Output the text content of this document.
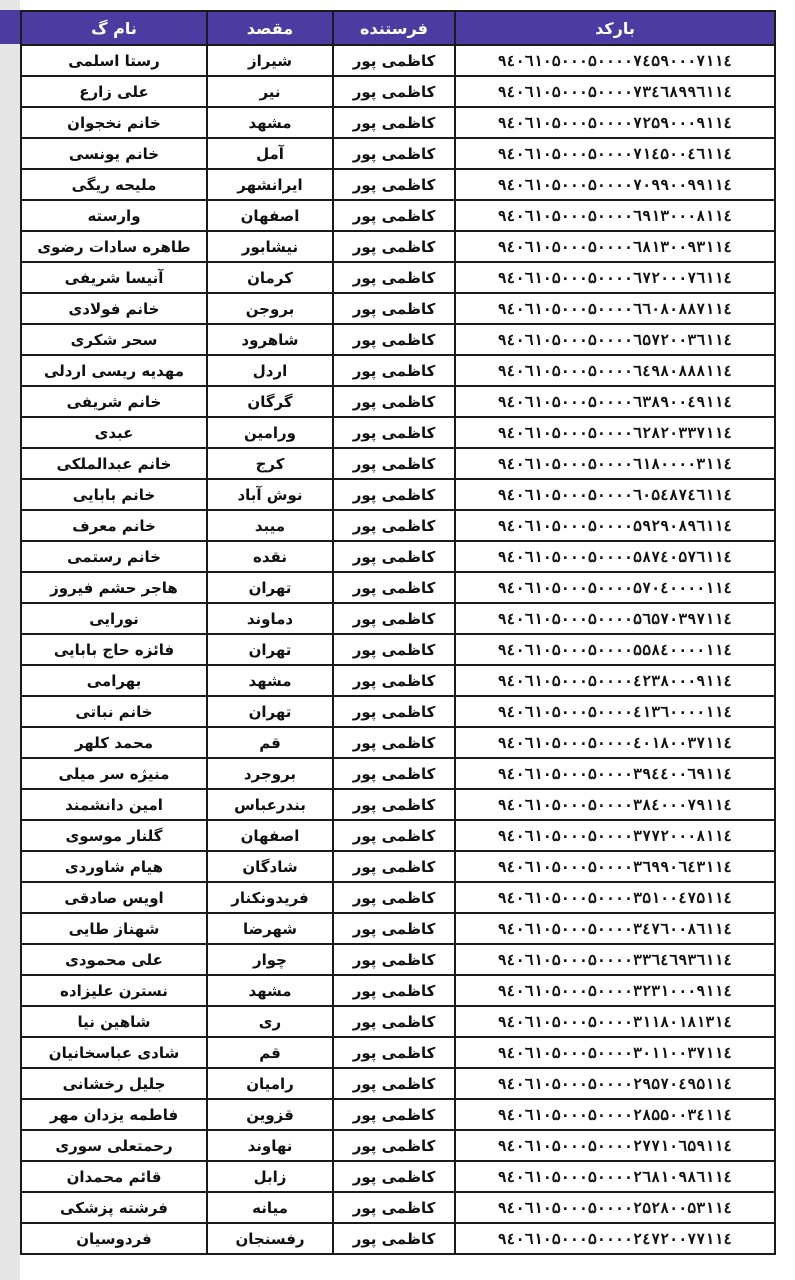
بارکد	فرستنده	مقصد	نام گ
۹٤۰٦۱۰۵۰۰۰۵۰۰۰۰۷٤۵۹۰۰۰۷۱۱٤	کاظمی پور	شیراز	رستا اسلمی
۹٤۰٦۱۰۵۰۰۰۵۰۰۰۰۷۳٤٦۸۹۹٦۱۱٤	کاظمی پور	نیر	علی زارع
۹٤۰٦۱۰۵۰۰۰۵۰۰۰۰۷۲۵۹۰۰۰۹۱۱٤	کاظمی پور	مشهد	خانم نخجوان
۹٤۰٦۱۰۵۰۰۰۵۰۰۰۰۷۱٤۵۰۰٤٦۱۱٤	کاظمی پور	آمل	خانم یونسی
۹٤۰٦۱۰۵۰۰۰۵۰۰۰۰۷۰۹۹۰۰۹۹۱۱٤	کاظمی پور	ایرانشهر	ملیحه ریگی
۹٤۰٦۱۰۵۰۰۰۵۰۰۰۰٦۹۱۳۰۰۰۸۱۱٤	کاظمی پور	اصفهان	وارسته
۹٤۰٦۱۰۵۰۰۰۵۰۰۰۰٦۸۱۳۰۰۹۳۱۱٤	کاظمی پور	نیشابور	طاهره سادات رضوی
۹٤۰٦۱۰۵۰۰۰۵۰۰۰۰٦۷۲۰۰۰۷٦۱۱٤	کاظمی پور	کرمان	آنیسا شریفی
۹٤۰٦۱۰۵۰۰۰۵۰۰۰۰٦٦۰۸۰۸۸۷۱۱٤	کاظمی پور	بروجن	خانم فولادی
۹٤۰٦۱۰۵۰۰۰۵۰۰۰۰٦۵۷۲۰۰۳٦۱۱٤	کاظمی پور	شاهرود	سحر شکری
۹٤۰٦۱۰۵۰۰۰۵۰۰۰۰٦٤۹۸۰۸۸۸۱۱٤	کاظمی پور	اردل	مهدیه ریسی اردلی
۹٤۰٦۱۰۵۰۰۰۵۰۰۰۰٦۳۸۹۰۰٤۹۱۱٤	کاظمی پور	گرگان	خانم شریفی
۹٤۰٦۱۰۵۰۰۰۵۰۰۰۰٦۲۸۲۰۳۳۷۱۱٤	کاظمی پور	ورامین	عبدی
۹٤۰٦۱۰۵۰۰۰۵۰۰۰۰٦۱۸۰۰۰۰۳۱۱٤	کاظمی پور	کرج	خانم عبدالملکی
۹٤۰٦۱۰۵۰۰۰۵۰۰۰۰٦۰۵٤۸۷٤٦۱۱٤	کاظمی پور	نوش آباد	خانم بابایی
۹٤۰٦۱۰۵۰۰۰۵۰۰۰۰۵۹۲۹۰۸۹٦۱۱٤	کاظمی پور	میبد	خانم معرف
۹٤۰٦۱۰۵۰۰۰۵۰۰۰۰۵۸۷٤۰۵۷٦۱۱٤	کاظمی پور	نقده	خانم رستمی
۹٤۰٦۱۰۵۰۰۰۵۰۰۰۰۵۷۰٤۰۰۰۰۱۱٤	کاظمی پور	تهران	هاجر حشم فیروز
۹٤۰٦۱۰۵۰۰۰۵۰۰۰۰۵٦۵۷۰۳۹۷۱۱٤	کاظمی پور	دماوند	نورایی
۹٤۰٦۱۰۵۰۰۰۵۰۰۰۰۵۵۸٤۰۰۰۰۱۱٤	کاظمی پور	تهران	فائزه حاج بابایی
۹٤۰٦۱۰۵۰۰۰۵۰۰۰۰٤۲۳۸۰۰۰۹۱۱٤	کاظمی پور	مشهد	بهرامی
۹٤۰٦۱۰۵۰۰۰۵۰۰۰۰٤۱۳٦۰۰۰۰۱۱٤	کاظمی پور	تهران	خانم نباتی
۹٤۰٦۱۰۵۰۰۰۵۰۰۰۰٤۰۱۸۰۰۳۷۱۱٤	کاظمی پور	قم	محمد کلهر
۹٤۰٦۱۰۵۰۰۰۵۰۰۰۰۳۹٤٤۰۰٦۹۱۱٤	کاظمی پور	بروجرد	منیژه سر میلی
۹٤۰٦۱۰۵۰۰۰۵۰۰۰۰۳۸٤۰۰۰۷۹۱۱٤	کاظمی پور	بندرعباس	امین دانشمند
۹٤۰٦۱۰۵۰۰۰۵۰۰۰۰۳۷۷۲۰۰۰۸۱۱٤	کاظمی پور	اصفهان	گلنار موسوی
۹٤۰٦۱۰۵۰۰۰۵۰۰۰۰۳٦۹۹۰٦٤۳۱۱٤	کاظمی پور	شادگان	هیام شاوردی
۹٤۰٦۱۰۵۰۰۰۵۰۰۰۰۳۵۱۰۰٤۷۵۱۱٤	کاظمی پور	فریدونکنار	اویس صادقی
۹٤۰٦۱۰۵۰۰۰۵۰۰۰۰۳٤۷٦۰۰۸٦۱۱٤	کاظمی پور	شهرضا	شهناز طایی
۹٤۰٦۱۰۵۰۰۰۵۰۰۰۰۳۳٦٤٦۹۳٦۱۱٤	کاظمی پور	چوار	علی محمودی
۹٤۰٦۱۰۵۰۰۰۵۰۰۰۰۳۲۳۱۰۰۰۹۱۱٤	کاظمی پور	مشهد	نسترن علیزاده
۹٤۰٦۱۰۵۰۰۰۵۰۰۰۰۳۱۱۸۰۱۸۱۳۱٤	کاظمی پور	ری	شاهین نیا
۹٤۰٦۱۰۵۰۰۰۵۰۰۰۰۳۰۱۱۰۰۳۷۱۱٤	کاظمی پور	قم	شادی عباسخانیان
۹٤۰٦۱۰۵۰۰۰۵۰۰۰۰۲۹۵۷۰٤۹۵۱۱٤	کاظمی پور	رامیان	جلیل رخشانی
۹٤۰٦۱۰۵۰۰۰۵۰۰۰۰۲۸۵۵۰۰۳٤۱۱٤	کاظمی پور	قزوین	فاطمه یزدان مهر
۹٤۰٦۱۰۵۰۰۰۵۰۰۰۰۲۷۷۱۰٦۵۹۱۱٤	کاظمی پور	نهاوند	رحمتعلی سوری
۹٤۰٦۱۰۵۰۰۰۵۰۰۰۰۲٦۸۱۰۹۸٦۱۱٤	کاظمی پور	زابل	قائم محمدان
۹٤۰٦۱۰۵۰۰۰۵۰۰۰۰۲۵۲۸۰۰۵۳۱۱٤	کاظمی پور	میانه	فرشته پزشکی
۹٤۰٦۱۰۵۰۰۰۵۰۰۰۰۲٤۷۲۰۰۷۷۱۱٤	کاظمی پور	رفسنجان	فردوسیان
